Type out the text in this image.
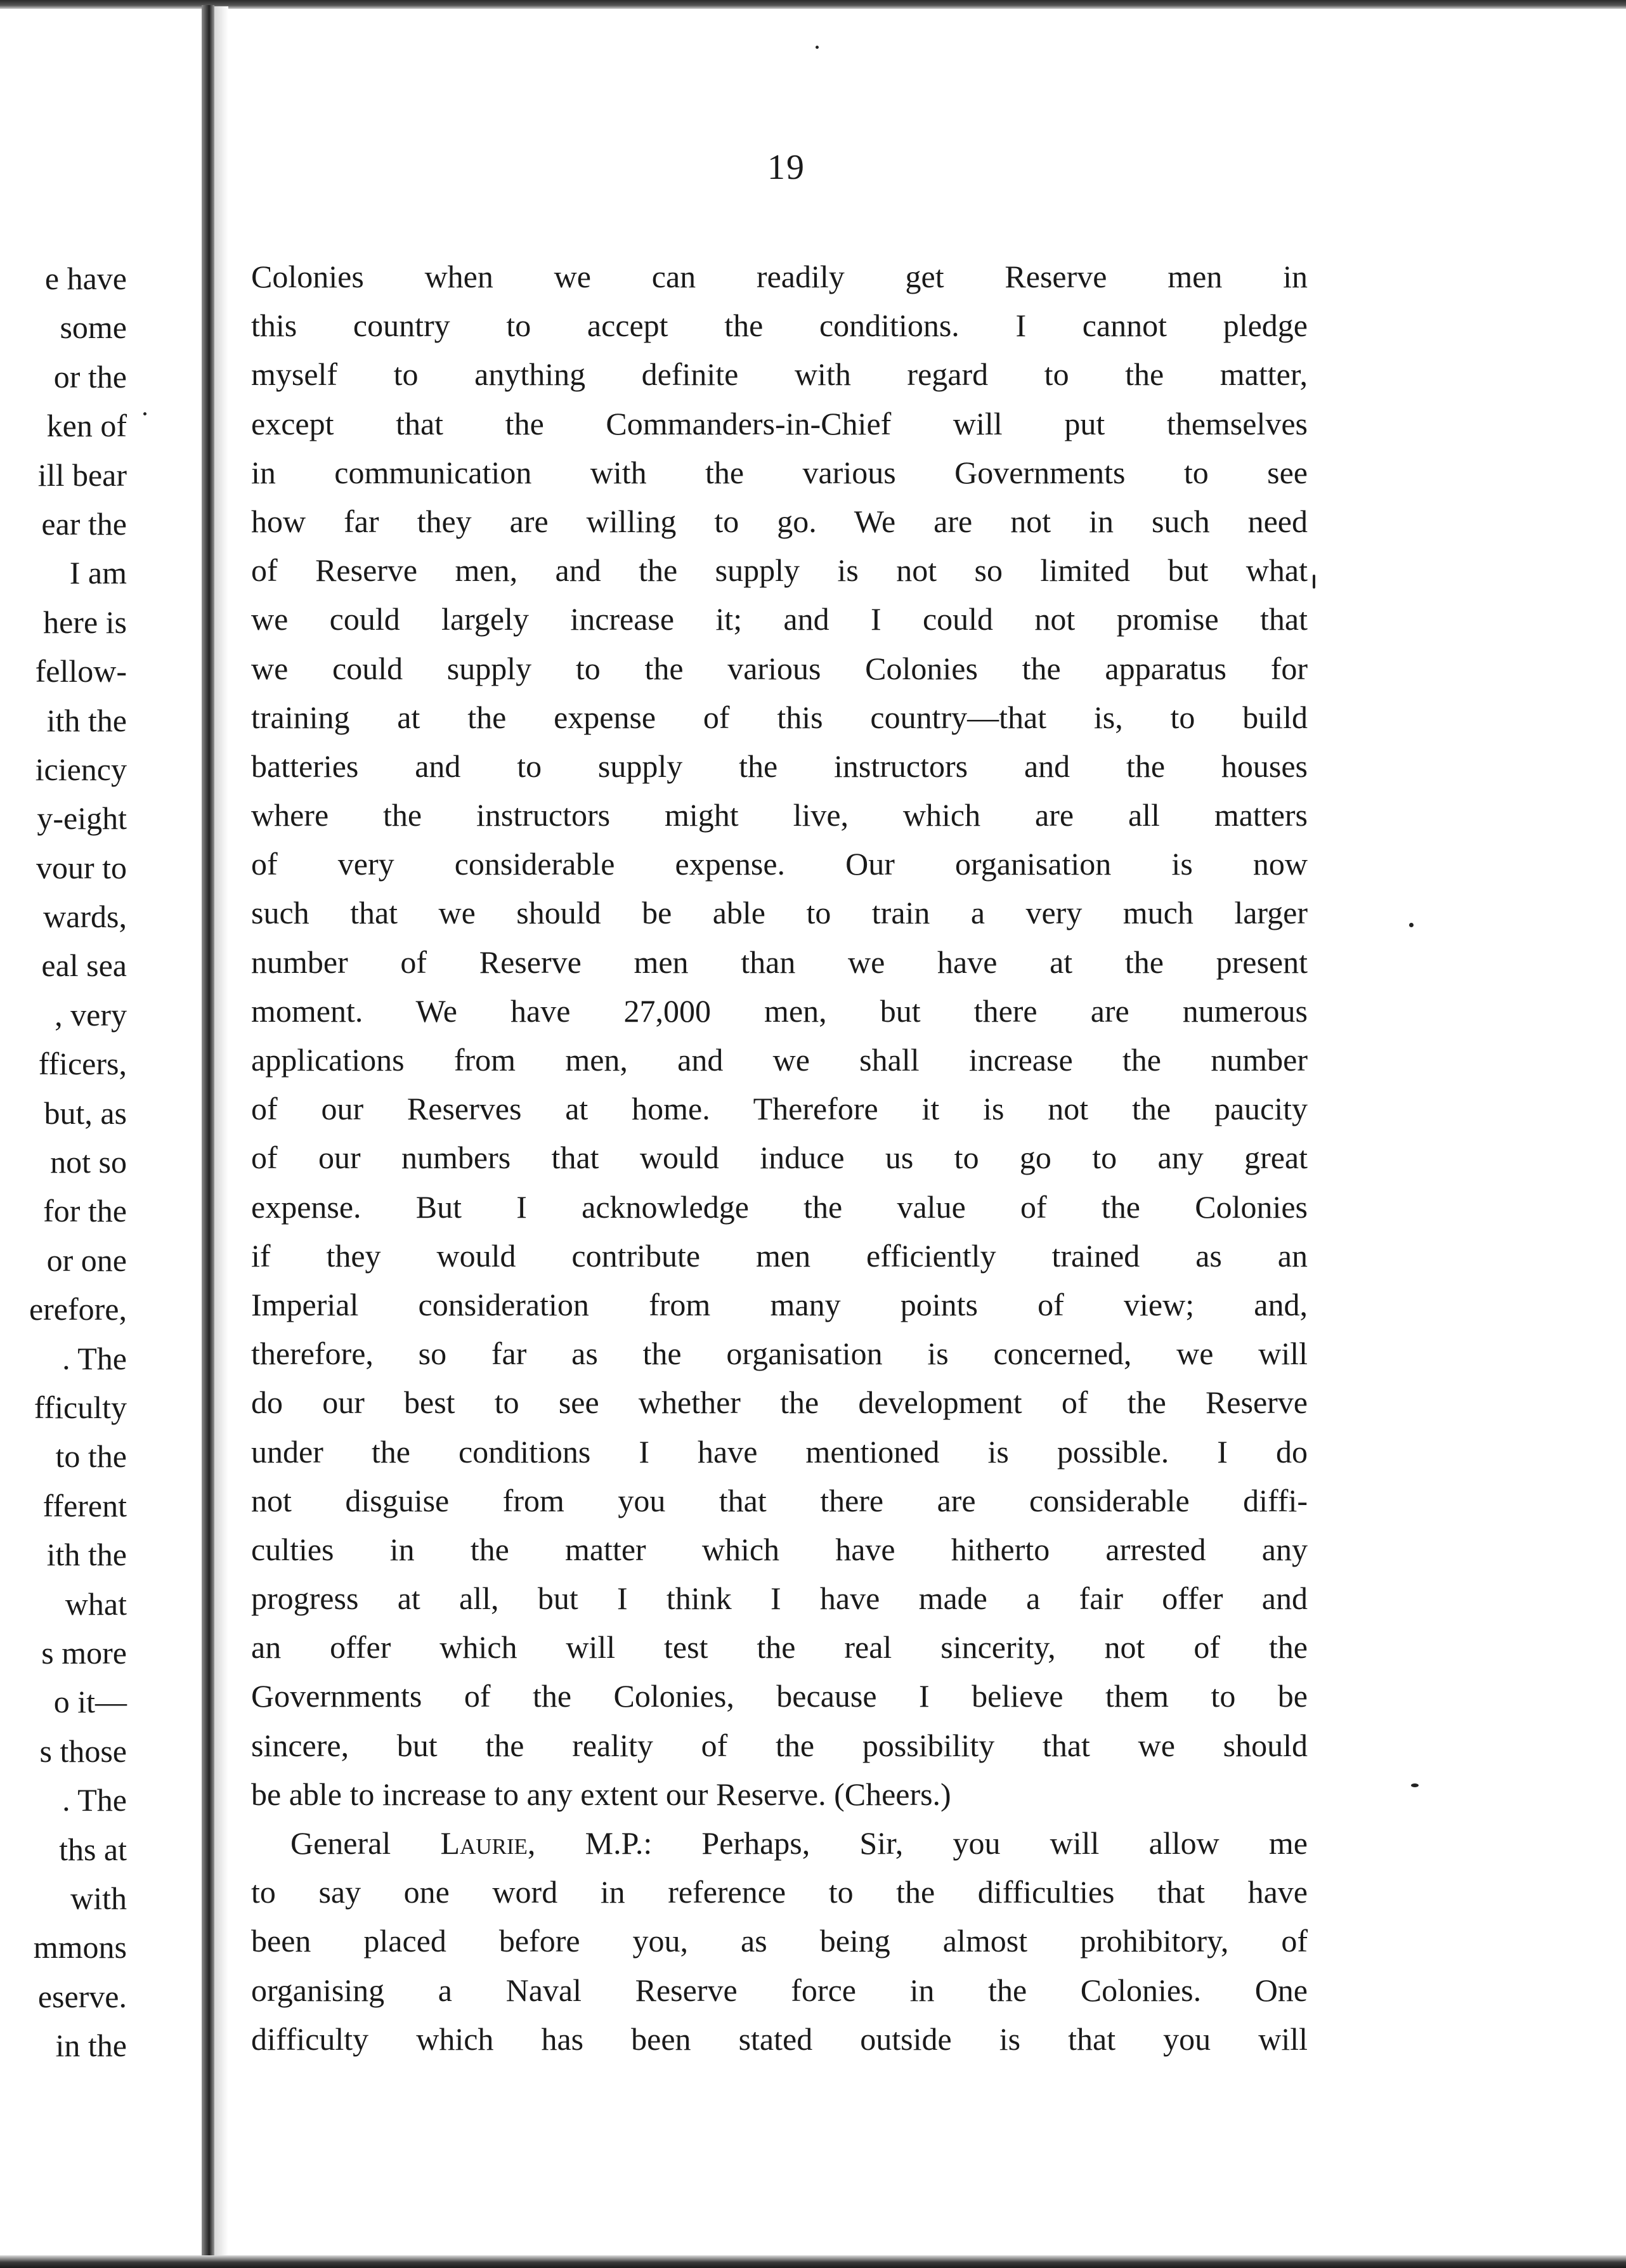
e have
some
or the
ken of
ill bear
ear the
I am
here is
fellow-
ith the
iciency
y-eight
vour to
wards,
eal sea
, very
fficers,
but, as
not so
for the
or one
erefore,
. The
fficulty
to the
fferent
ith the
what
s more
o it—
s those
. The
ths at
with
mmons
eserve.
in the
19
Colonies when we can readily get Reserve men in
this country to accept the conditions. I cannot pledge
myself to anything definite with regard to the matter,
except that the Commanders-in-Chief will put themselves
in communication with the various Governments to see
how far they are willing to go. We are not in such need
of Reserve men, and the supply is not so limited but what
we could largely increase it; and I could not promise that
we could supply to the various Colonies the apparatus for
training at the expense of this country—that is, to build
batteries and to supply the instructors and the houses
where the instructors might live, which are all matters
of very considerable expense. Our organisation is now
such that we should be able to train a very much larger
number of Reserve men than we have at the present
moment. We have 27,000 men, but there are numerous
applications from men, and we shall increase the number
of our Reserves at home. Therefore it is not the paucity
of our numbers that would induce us to go to any great
expense. But I acknowledge the value of the Colonies
if they would contribute men efficiently trained as an
Imperial consideration from many points of view; and,
therefore, so far as the organisation is concerned, we will
do our best to see whether the development of the Reserve
under the conditions I have mentioned is possible. I do
not disguise from you that there are considerable diffi-
culties in the matter which have hitherto arrested any
progress at all, but I think I have made a fair offer and
an offer which will test the real sincerity, not of the
Governments of the Colonies, because I believe them to be
sincere, but the reality of the possibility that we should
be able to increase to any extent our Reserve. (Cheers.)
General Laurie, M.P.: Perhaps, Sir, you will allow me
to say one word in reference to the difficulties that have
been placed before you, as being almost prohibitory, of
organising a Naval Reserve force in the Colonies. One
difficulty which has been stated outside is that you will
